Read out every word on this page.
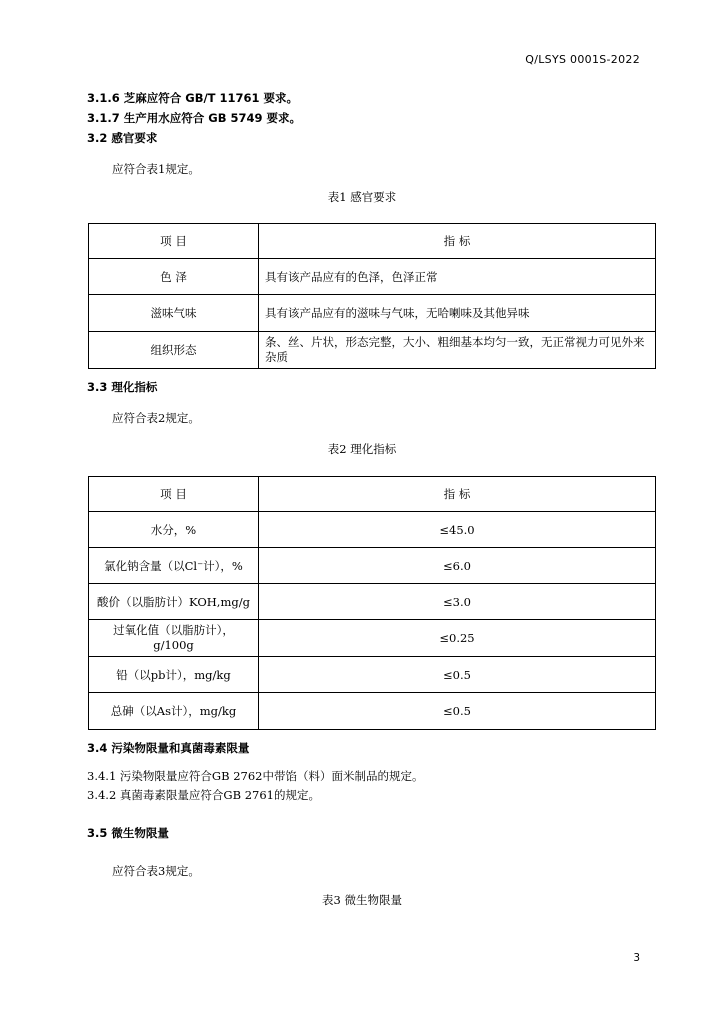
Q/LSYS 0001S-2022
3.1.6 芝麻应符合 GB/T 11761 要求。
3.1.7 生产用水应符合 GB 5749 要求。
3.2 感官要求
应符合表1规定。
表1 感官要求
项 目	指 标
色 泽	具有该产品应有的色泽，色泽正常
滋味气味	具有该产品应有的滋味与气味，无哈喇味及其他异味
组织形态	条、丝、片状，形态完整，大小、粗细基本均匀一致，无正常视力可见外来杂质
3.3 理化指标
应符合表2规定。
表2 理化指标
项 目	指 标
水分，%	≤45.0
氯化钠含量（以Cl⁻计），%	≤6.0
酸价（以脂肪计）KOH,mg/g	≤3.0
过氧化值（以脂肪计），g/100g	≤0.25
铅（以pb计），mg/kg	≤0.5
总砷（以As计），mg/kg	≤0.5
3.4 污染物限量和真菌毒素限量
3.4.1 污染物限量应符合GB 2762中带馅（料）面米制品的规定。
3.4.2 真菌毒素限量应符合GB 2761的规定。
3.5 微生物限量
应符合表3规定。
表3 微生物限量
3
